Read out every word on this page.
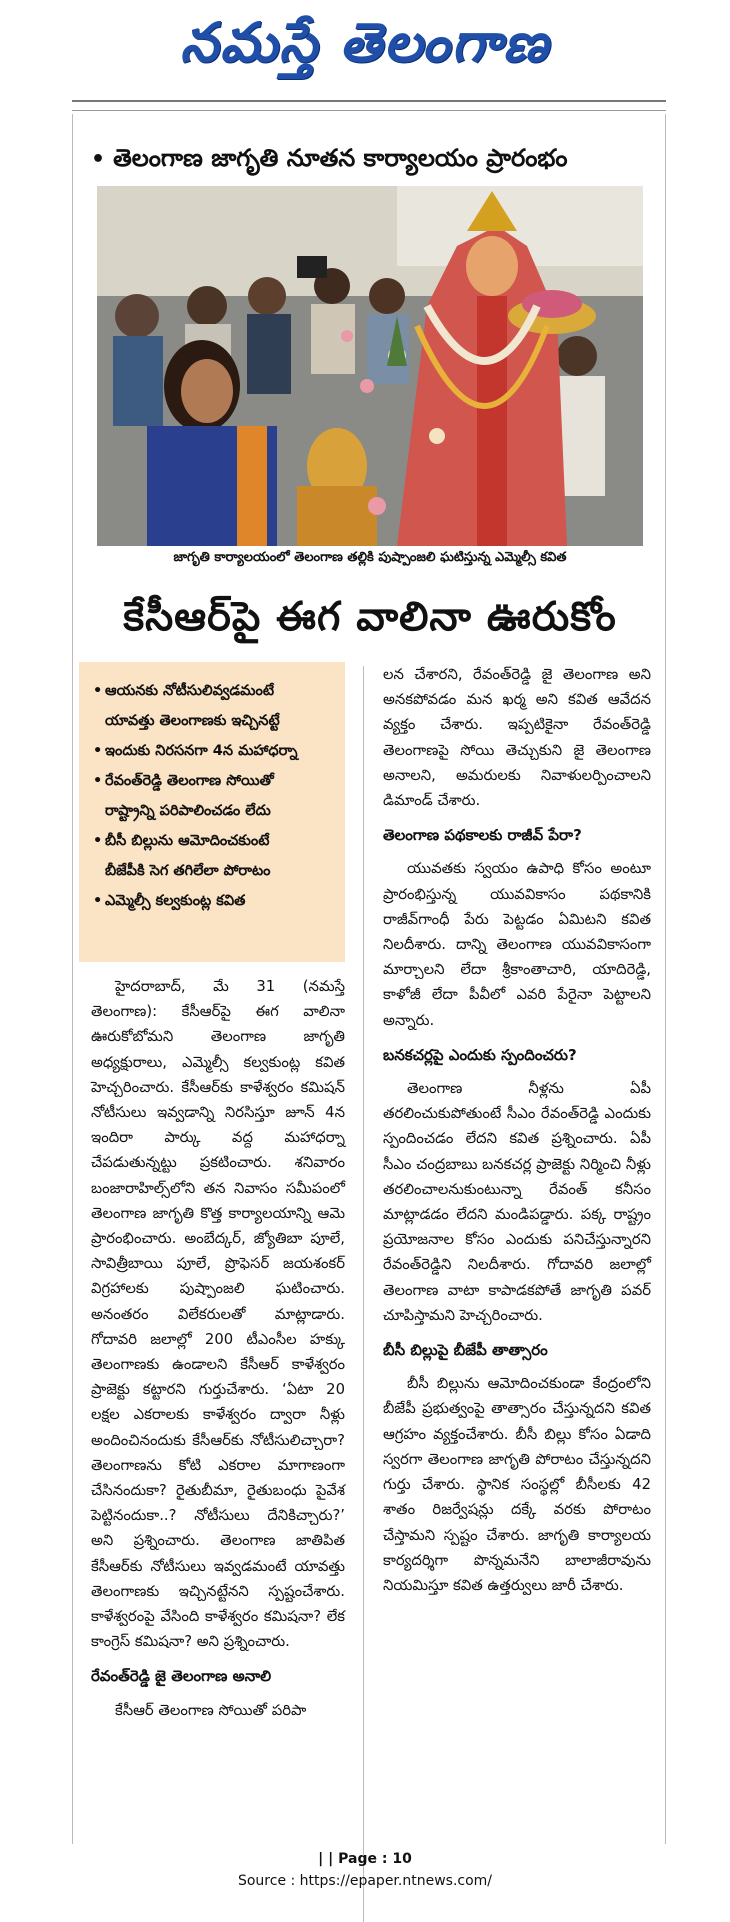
నమస్తే తెలంగాణ
• తెలంగాణ జాగృతి నూతన కార్యాలయం ప్రారంభం
జాగృతి కార్యాలయంలో తెలంగాణ తల్లికి పుష్పాంజలి ఘటిస్తున్న ఎమ్మెల్సీ కవిత
కేసీఆర్‌పై ఈగ వాలినా ఊరుకోం
• ఆయనకు నోటీసులివ్వడమంటే
యావత్తు తెలంగాణకు ఇచ్చినట్టే
• ఇందుకు నిరసనగా 4న మహాధర్నా
• రేవంత్‌రెడ్డి తెలంగాణ సోయితో
రాష్ట్రాన్ని పరిపాలించడం లేదు
• బీసీ బిల్లును ఆమోదించకుంటే
బీజేపీకి సెగ తగిలేలా పోరాటం
• ఎమ్మెల్సీ కల్వకుంట్ల కవిత

హైదరాబాద్, మే 31 (నమస్తే తెలంగాణ): కేసీఆర్‌పై ఈగ వాలినా ఊరుకోబోమని తెలంగాణ జాగృతి అధ్యక్షురాలు, ఎమ్మెల్సీ కల్వకుంట్ల కవిత హెచ్చరించారు. కేసీఆర్‌కు కాళేశ్వరం కమిషన్ నోటీసులు ఇవ్వడాన్ని నిరసిస్తూ జూన్ 4న ఇందిరా పార్కు వద్ద మహాధర్నా చేపడుతున్నట్టు ప్రకటించారు. శనివారం బంజారాహిల్స్‌లోని తన నివాసం సమీపంలో తెలంగాణ జాగృతి కొత్త కార్యాలయాన్ని ఆమె ప్రారంభించారు. అంబేద్కర్, జ్యోతిబా పూలే, సావిత్రీబాయి పూలే, ప్రొఫెసర్ జయశంకర్ విగ్రహాలకు పుష్పాంజలి ఘటించారు. అనంతరం విలేకరులతో మాట్లాడారు. గోదావరి జలాల్లో 200 టీఎంసీల హక్కు తెలంగాణకు ఉండాలని కేసీఆర్ కాళేశ్వరం ప్రాజెక్టు కట్టారని గుర్తుచేశారు. ‘ఏటా 20 లక్షల ఎకరాలకు కాళేశ్వరం ద్వారా నీళ్లు అందించినందుకు కేసీఆర్‌కు నోటీసులిచ్చారా? తెలంగాణను కోటి ఎకరాల మాగాణంగా చేసినందుకా? రైతుబీమా, రైతుబంధు పైవేశ పెట్టినందుకా..? నోటీసులు దేనికిచ్చారు?’ అని ప్రశ్నించారు. తెలంగాణ జాతిపిత కేసీఆర్‌కు నోటీసులు ఇవ్వడమంటే యావత్తు తెలంగాణకు ఇచ్చినట్టేనని స్పష్టంచేశారు. కాళేశ్వరంపై వేసింది కాళేశ్వరం కమిషనా? లేక కాంగ్రెస్ కమిషనా? అని ప్రశ్నించారు.

రేవంత్‌రెడ్డి జై తెలంగాణ అనాలి

కేసీఆర్ తెలంగాణ సోయితో పరిపా

లన చేశారని, రేవంత్‌రెడ్డి జై తెలంగాణ అని అనకపోవడం మన ఖర్మ అని కవిత ఆవేదన వ్యక్తం చేశారు. ఇప్పటికైనా రేవంత్‌రెడ్డి తెలంగాణపై సోయి తెచ్చుకుని జై తెలంగాణ అనాలని, అమరులకు నివాళులర్పించాలని డిమాండ్ చేశారు.

తెలంగాణ పథకాలకు రాజీవ్ పేరా?

యువతకు స్వయం ఉపాధి కోసం అంటూ ప్రారంభిస్తున్న యువవికాసం పథకానికి రాజీవ్‌గాంధీ పేరు పెట్టడం ఏమిటని కవిత నిలదీశారు. దాన్ని తెలంగాణ యువవికాసంగా మార్చాలని లేదా శ్రీకాంతాచారి, యాదిరెడ్డి, కాళోజీ లేదా పీవీలో ఎవరి పేరైనా పెట్టాలని అన్నారు.

బనకచర్లపై ఎందుకు స్పందించరు?

తెలంగాణ నీళ్లను ఏపీ తరలించుకుపోతుంటే సీఎం రేవంత్‌రెడ్డి ఎందుకు స్పందించడం లేదని కవిత ప్రశ్నించారు. ఏపీ సీఎం చంద్రబాబు బనకచర్ల ప్రాజెక్టు నిర్మించి నీళ్లు తరలించాలనుకుంటున్నా రేవంత్ కనీసం మాట్లాడడం లేదని మండిపడ్డారు. పక్క రాష్ట్రం ప్రయోజనాల కోసం ఎందుకు పనిచేస్తున్నారని రేవంత్‌రెడ్డిని నిలదీశారు. గోదావరి జలాల్లో తెలంగాణ వాటా కాపాడకపోతే జాగృతి పవర్ చూపిస్తామని హెచ్చరించారు.

బీసీ బిల్లుపై బీజేపీ తాత్సారం

బీసీ బిల్లును ఆమోదించకుండా కేంద్రంలోని బీజేపీ ప్రభుత్వంపై తాత్సారం చేస్తున్నదని కవిత ఆగ్రహం వ్యక్తంచేశారు. బీసీ బిల్లు కోసం ఏడాది స్వరగా తెలంగాణ జాగృతి పోరాటం చేస్తున్నదని గుర్తు చేశారు. స్థానిక సంస్థల్లో బీసీలకు 42 శాతం రిజర్వేషన్లు దక్కే వరకు పోరాటం చేస్తామని స్పష్టం చేశారు. జాగృతి కార్యాలయ కార్యదర్శిగా పొన్నమనేని బాలాజీరావును నియమిస్తూ కవిత ఉత్తర్వులు జారీ చేశారు.

| | Page : 10
Source : https://epaper.ntnews.com/
